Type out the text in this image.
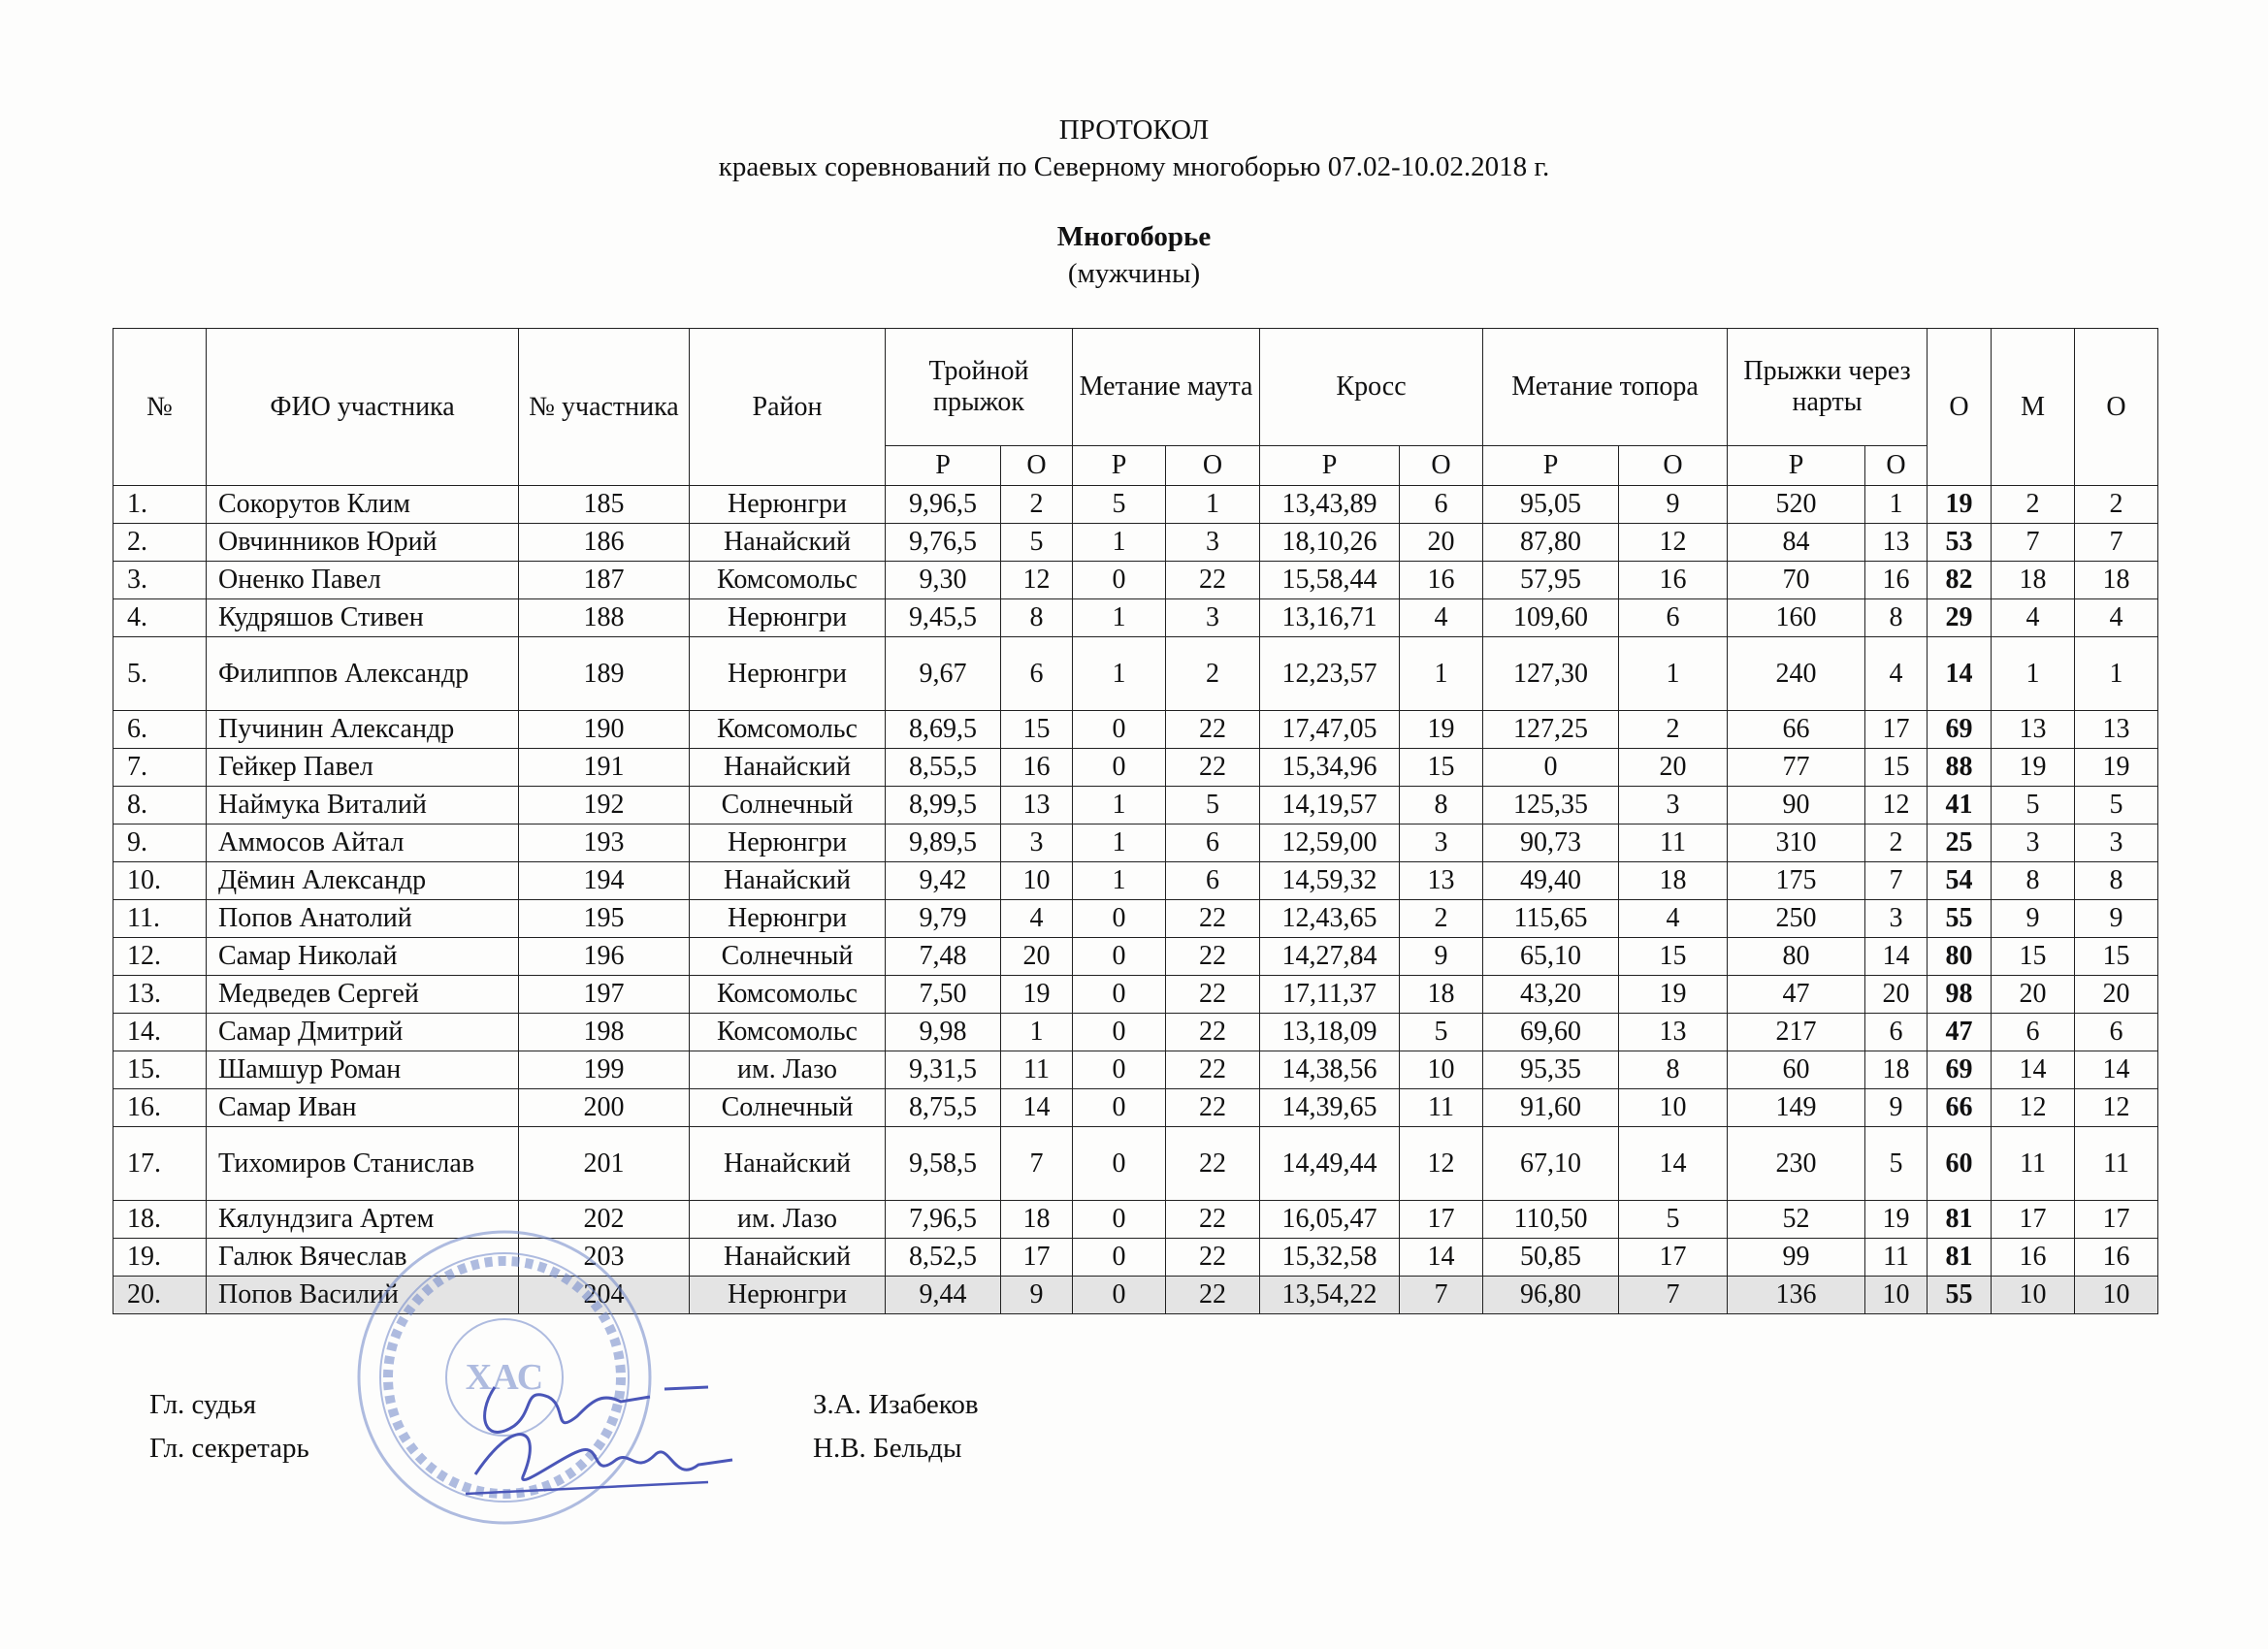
ПРОТОКОЛ
краевых соревнований по Северному многоборью 07.02-10.02.2018 г.
Многоборье
(мужчины)
№	ФИО участника	№ участника	Район	Тройной прыжок		Метание маута		Кросс		Метание топора		Прыжки через нарты		О	М	О
				Р	О	Р	О	Р	О	Р	О	Р	О			
1.	Сокорутов Клим	185	Нерюнгри	9,96,5	2	5	1	13,43,89	6	95,05	9	520	1	19	2	2
2.	Овчинников Юрий	186	Нанайский	9,76,5	5	1	3	18,10,26	20	87,80	12	84	13	53	7	7
3.	Оненко Павел	187	Комсомольс	9,30	12	0	22	15,58,44	16	57,95	16	70	16	82	18	18
4.	Кудряшов Стивен	188	Нерюнгри	9,45,5	8	1	3	13,16,71	4	109,60	6	160	8	29	4	4
5.	Филиппов Александр	189	Нерюнгри	9,67	6	1	2	12,23,57	1	127,30	1	240	4	14	1	1
6.	Пучинин Александр	190	Комсомольс	8,69,5	15	0	22	17,47,05	19	127,25	2	66	17	69	13	13
7.	Гейкер Павел	191	Нанайский	8,55,5	16	0	22	15,34,96	15	0	20	77	15	88	19	19
8.	Наймука Виталий	192	Солнечный	8,99,5	13	1	5	14,19,57	8	125,35	3	90	12	41	5	5
9.	Аммосов Айтал	193	Нерюнгри	9,89,5	3	1	6	12,59,00	3	90,73	11	310	2	25	3	3
10.	Дёмин Александр	194	Нанайский	9,42	10	1	6	14,59,32	13	49,40	18	175	7	54	8	8
11.	Попов Анатолий	195	Нерюнгри	9,79	4	0	22	12,43,65	2	115,65	4	250	3	55	9	9
12.	Самар Николай	196	Солнечный	7,48	20	0	22	14,27,84	9	65,10	15	80	14	80	15	15
13.	Медведев Сергей	197	Комсомольс	7,50	19	0	22	17,11,37	18	43,20	19	47	20	98	20	20
14.	Самар Дмитрий	198	Комсомольс	9,98	1	0	22	13,18,09	5	69,60	13	217	6	47	6	6
15.	Шамшур Роман	199	им. Лазо	9,31,5	11	0	22	14,38,56	10	95,35	8	60	18	69	14	14
16.	Самар Иван	200	Солнечный	8,75,5	14	0	22	14,39,65	11	91,60	10	149	9	66	12	12
17.	Тихомиров Станислав	201	Нанайский	9,58,5	7	0	22	14,49,44	12	67,10	14	230	5	60	11	11
18.	Кялундзига Артем	202	им. Лазо	7,96,5	18	0	22	16,05,47	17	110,50	5	52	19	81	17	17
19.	Галюк Вячеслав	203	Нанайский	8,52,5	17	0	22	15,32,58	14	50,85	17	99	11	81	16	16
20.	Попов Василий	204	Нерюнгри	9,44	9	0	22	13,54,22	7	96,80	7	136	10	55	10	10
ХАС
Гл. судья	З.А. Изабеков
Гл. секретарь	Н.В. Бельды
